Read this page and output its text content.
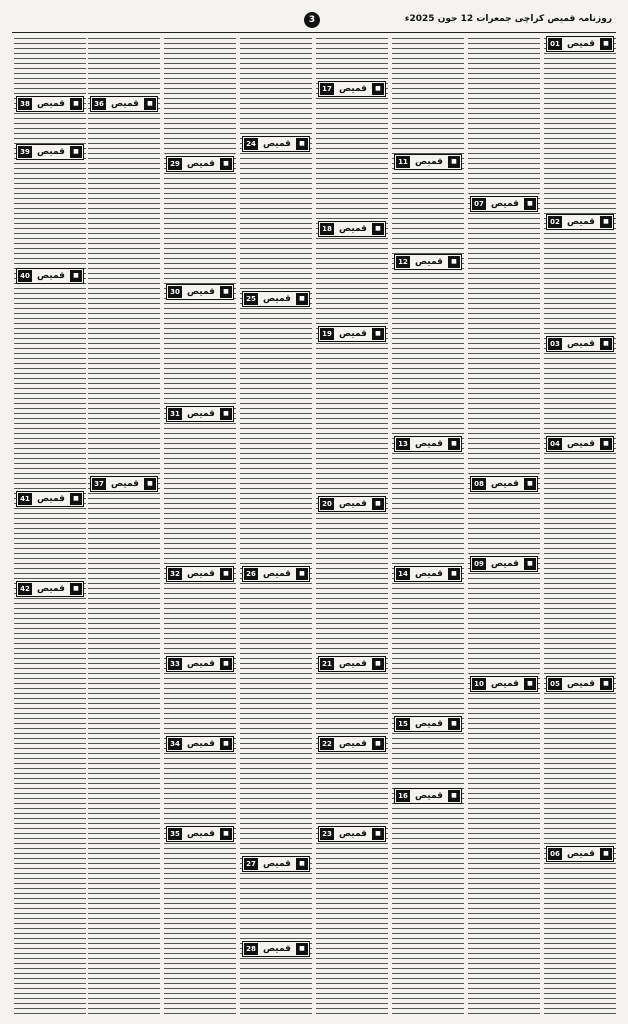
روزنامہ قمیص کراچی جمعرات 12 جون 2025ء
3
01 قمیص	■
02 قمیص	■
03 قمیص	■
04 قمیص	■
05 قمیص	■
06 قمیص	■
07 قمیص	■
08 قمیص	■
09 قمیص	■
10 قمیص	■
11 قمیص	■
12 قمیص	■
13 قمیص	■
14 قمیص	■
15 قمیص	■
16 قمیص	■
17 قمیص	■
18 قمیص	■
19 قمیص	■
20 قمیص	■
21 قمیص	■
22 قمیص	■
23 قمیص	■
24 قمیص	■
25 قمیص	■
26 قمیص	■
27 قمیص	■
28 قمیص	■
29 قمیص	■
30 قمیص	■
31 قمیص	■
32 قمیص	■
33 قمیص	■
34 قمیص	■
35 قمیص	■
36 قمیص	■
37 قمیص	■
38 قمیص	■
39 قمیص	■
40 قمیص	■
41 قمیص	■
42 قمیص	■
